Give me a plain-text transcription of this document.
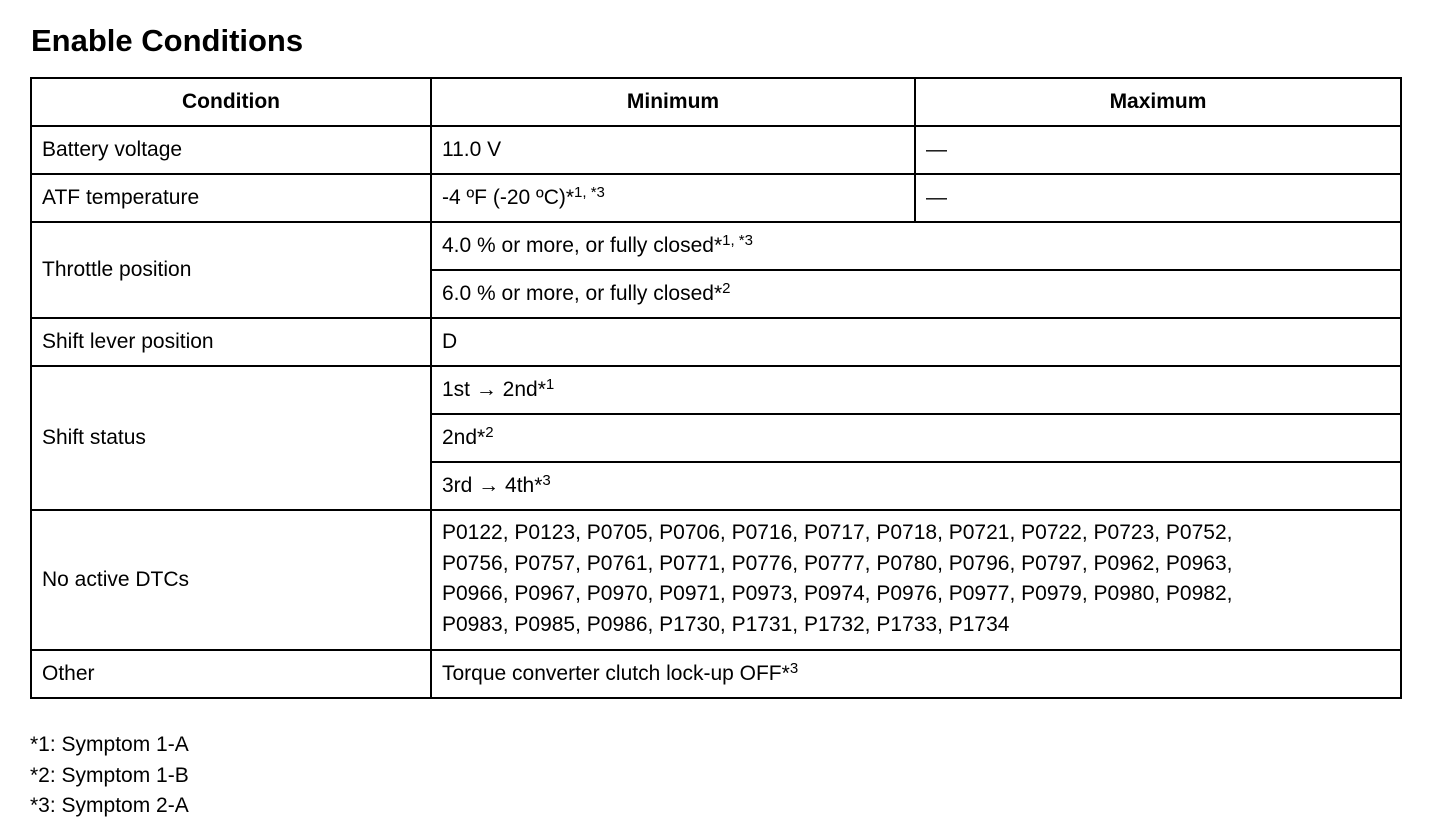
Enable Conditions
Condition	Minimum	Maximum
Battery voltage	11.0 V	—
ATF temperature	-4 ºF (-20 ºC)*$^{1, *3}$	—
Throttle position	4.0 % or more, or fully closed*$^{1, *3}$
	6.0 % or more, or fully closed*$^2$
Shift lever position	D	
Shift status	1st → 2nd*$^1$
	2nd*$^2$
	3rd → 4th*$^3$
No active DTCs	P0122, P0123, P0705, P0706, P0716, P0717, P0718, P0721, P0722, P0723, P0752,
P0756, P0757, P0761, P0771, P0776, P0777, P0780, P0796, P0797, P0962, P0963,
P0966, P0967, P0970, P0971, P0973, P0974, P0976, P0977, P0979, P0980, P0982,
P0983, P0985, P0986, P1730, P1731, P1732, P1733, P1734	

Other	Torque converter clutch lock-up OFF*$^3$
*1: Symptom 1-A
*2: Symptom 1-B
*3: Symptom 2-A
